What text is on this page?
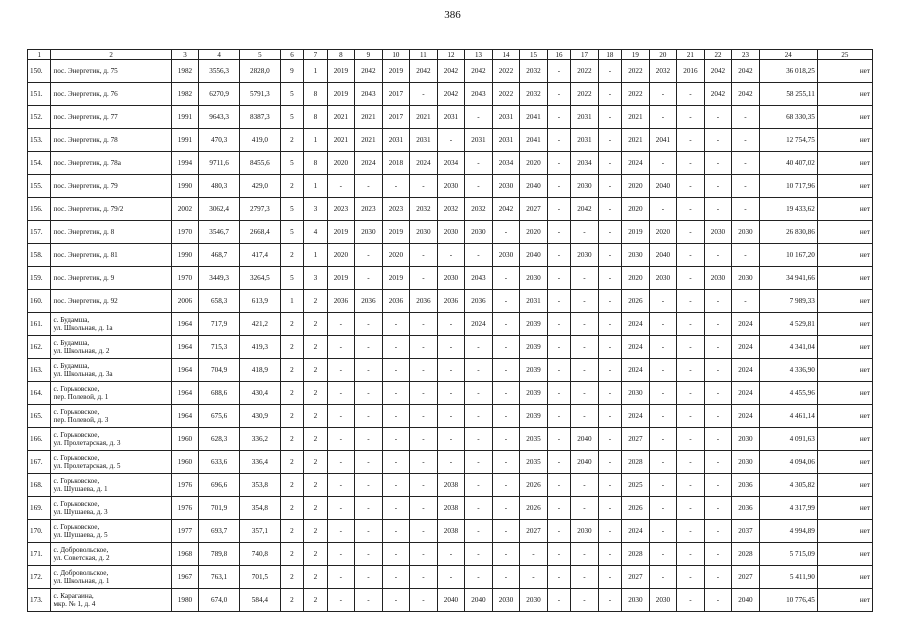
386
1	2	3	4	5	6	7	8	9	10	11	12	13	14	15	16	17	18	19	20	21	22	23	24	25
150.	пос. Энергетик, д. 75	1982	3556,3	2828,0	9	1	2019	2042	2019	2042	2042	2042	2022	2032	-	2022	-	2022	2032	2016	2042	2042	36 018,25	нет
151.	пос. Энергетик, д. 76	1982	6270,9	5791,3	5	8	2019	2043	2017	-	2042	2043	2022	2032	-	2022	-	2022	-	-	2042	2042	58 255,11	нет
152.	пос. Энергетик, д. 77	1991	9643,3	8387,3	5	8	2021	2021	2017	2021	2031	-	2031	2041	-	2031	-	2021	-	-	-	-	68 330,35	нет
153.	пос. Энергетик, д. 78	1991	470,3	419,0	2	1	2021	2021	2031	2031	-	2031	2031	2041	-	2031	-	2021	2041	-	-	-	12 754,75	нет
154.	пос. Энергетик, д. 78а	1994	9711,6	8455,6	5	8	2020	2024	2018	2024	2034	-	2034	2020	-	2034	-	2024	-	-	-	-	40 407,02	нет
155.	пос. Энергетик, д. 79	1990	480,3	429,0	2	1	-	-	-	-	2030	-	2030	2040	-	2030	-	2020	2040	-	-	-	10 717,96	нет
156.	пос. Энергетик, д. 79/2	2002	3062,4	2797,3	5	3	2023	2023	2023	2032	2032	2032	2042	2027	-	2042	-	2020	-	-	-	-	19 433,62	нет
157.	пос. Энергетик, д. 8	1970	3546,7	2668,4	5	4	2019	2030	2019	2030	2030	2030	-	2020	-	-	-	2019	2020	-	2030	2030	26 830,86	нет
158.	пос. Энергетик, д. 81	1990	468,7	417,4	2	1	2020	-	2020	-	-	-	2030	2040	-	2030	-	2030	2040	-	-	-	10 167,20	нет
159.	пос. Энергетик, д. 9	1970	3449,3	3264,5	5	3	2019	-	2019	-	2030	2043	-	2030	-	-	-	2020	2030	-	2030	2030	34 941,66	нет
160.	пос. Энергетик, д. 92	2006	658,3	613,9	1	2	2036	2036	2036	2036	2036	2036	-	2031	-	-	-	2026	-	-	-	-	7 989,33	нет
161.	с. Будамша,
ул. Школьная, д. 1а	1964	717,9	421,2	2	2	-	-	-	-	-	2024	-	2039	-	-	-	2024	-	-	-	2024	4 529,81	нет
162.	с. Будамша,
ул. Школьная, д. 2	1964	715,3	419,3	2	2	-	-	-	-	-	-	-	2039	-	-	-	2024	-	-	-	2024	4 341,04	нет
163.	с. Будамша,
ул. Школьная, д. 3а	1964	704,9	418,9	2	2	-	-	-	-	-	-	-	2039	-	-	-	2024	-	-	-	2024	4 336,90	нет
164.	с. Горьковское,
пер. Полевой, д. 1	1964	688,6	430,4	2	2	-	-	-	-	-	-	-	2039	-	-	-	2030	-	-	-	2024	4 455,96	нет
165.	с. Горьковское,
пер. Полевой, д. 3	1964	675,6	430,9	2	2	-	-	-	-	-	-	-	2039	-	-	-	2024	-	-	-	2024	4 461,14	нет
166.	с. Горьковское,
ул. Пролетарская, д. 3	1960	628,3	336,2	2	2	-	-	-	-	-	-	-	2035	-	2040	-	2027	-	-	-	2030	4 091,63	нет
167.	с. Горьковское,
ул. Пролетарская, д. 5	1960	633,6	336,4	2	2	-	-	-	-	-	-	-	2035	-	2040	-	2028	-	-	-	2030	4 094,06	нет
168.	с. Горьковское,
ул. Шушаева, д. 1	1976	696,6	353,8	2	2	-	-	-	-	2038	-	-	2026	-	-	-	2025	-	-	-	2036	4 305,82	нет
169.	с. Горьковское,
ул. Шушаева, д. 3	1976	701,9	354,8	2	2	-	-	-	-	2038	-	-	2026	-	-	-	2026	-	-	-	2036	4 317,99	нет
170.	с. Горьковское,
ул. Шушаева, д. 5	1977	693,7	357,1	2	2	-	-	-	-	2038	-	-	2027	-	2030	-	2024	-	-	-	2037	4 994,89	нет
171.	с. Добровольское,
ул. Советская, д. 2	1968	789,8	740,8	2	2	-	-	-	-	-	-	-	-	-	-	-	2028	-	-	-	2028	5 715,09	нет
172.	с. Добровольское,
ул. Школьная, д. 1	1967	763,1	701,5	2	2	-	-	-	-	-	-	-	-	-	-	-	2027	-	-	-	2027	5 411,90	нет
173.	с. Карагаина,
мкр. № 1, д. 4	1980	674,0	584,4	2	2	-	-	-	-	2040	2040	2030	2030	-	-	-	2030	2030	-	-	2040	10 776,45	нет
